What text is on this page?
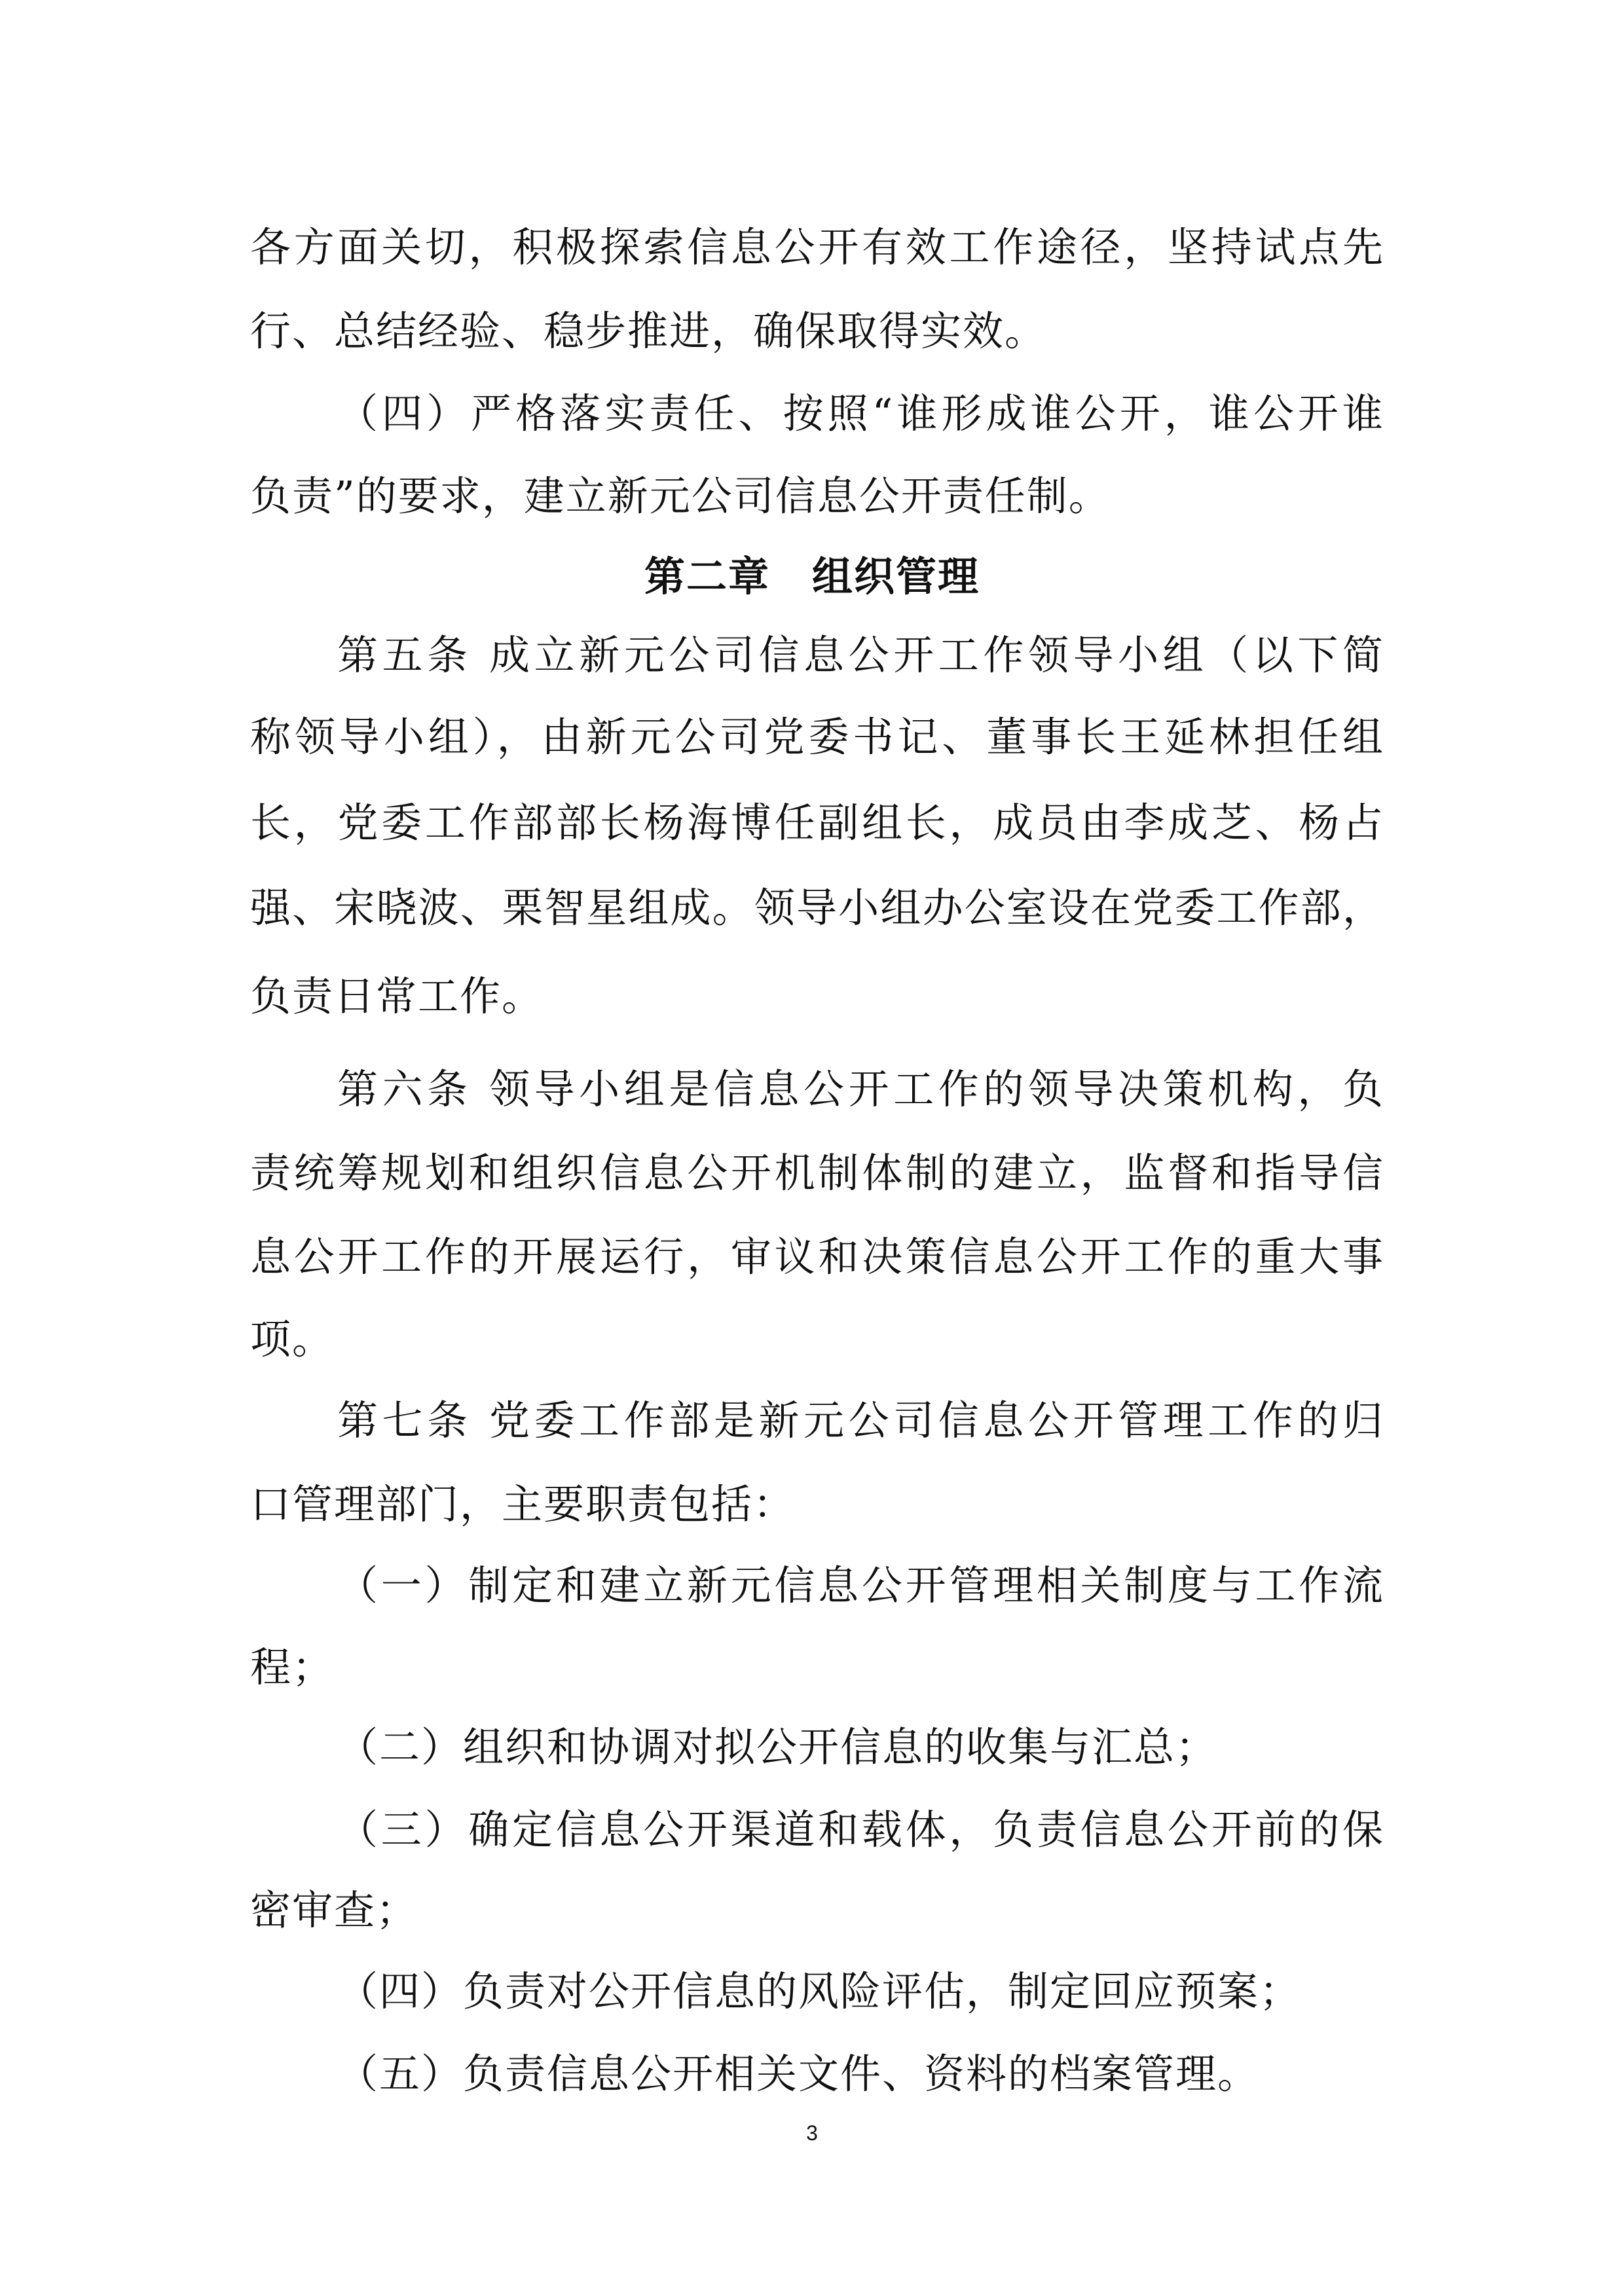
各方面关切，积极探索信息公开有效工作途径，坚持试点先
行、总结经验、稳步推进，确保取得实效。
（四）严格落实责任、按照“谁形成谁公开，谁公开谁
负责”的要求，建立新元公司信息公开责任制。
第二章　组织管理
第五条 成立新元公司信息公开工作领导小组（以下简
称领导小组），由新元公司党委书记、董事长王延林担任组
长，党委工作部部长杨海博任副组长，成员由李成芝、杨占
强、宋晓波、栗智星组成。领导小组办公室设在党委工作部，
负责日常工作。
第六条 领导小组是信息公开工作的领导决策机构，负
责统筹规划和组织信息公开机制体制的建立，监督和指导信
息公开工作的开展运行，审议和决策信息公开工作的重大事
项。
第七条 党委工作部是新元公司信息公开管理工作的归
口管理部门，主要职责包括：
（一）制定和建立新元信息公开管理相关制度与工作流
程；
（二）组织和协调对拟公开信息的收集与汇总；
（三）确定信息公开渠道和载体，负责信息公开前的保
密审查；
（四）负责对公开信息的风险评估，制定回应预案；
（五）负责信息公开相关文件、资料的档案管理。
3
